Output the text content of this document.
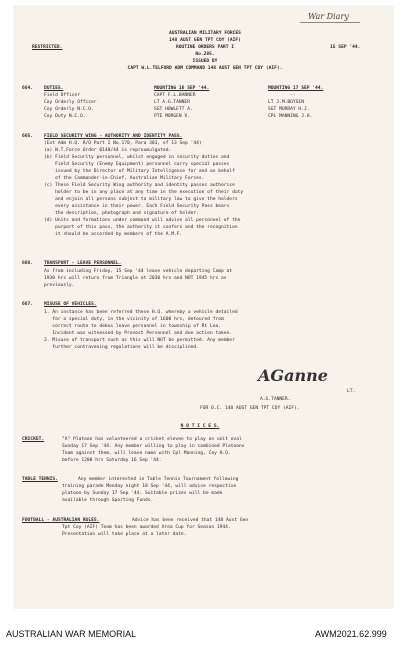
War Diary
AUSTRALIAN MILITARY FORCES
148 AUST GEN TPT COY (AIF)
ROUTINE ORDERS PART I
No.285.
ISSUED BY
CAPT W.L.TELFORD ADM COMMAND 148 AUST GEN TPT COY (AIF).
RESTRICTED.	15 SEP '44.
664. DUTIES.	MOUNTING 16 SEP '44.	MOUNTING 17 SEP '44.
Field Officer	CAPT F.L.BANNER	--
Coy Orderly Officer	LT A.G.TANNER	LT J.M.BOYSEN
Coy Orderly N.C.O.	SGT HOWLETT A.	SGT MURRAY H.J.
Coy Duty N.C.O.	PTE MORGEN V.	CPL MANNING J.H.
665. FIELD SECURITY WING - AUTHORITY AND IDENTITY PASS.
(Ext Adm H.Q. R/O Part I No.170, Para 383, of 13 Sep '44)
(a) N.T.Force Order 0140/44 is reproumulgated.
(b) Field Security personnel, whilst engaged in security duties and
Field Security (Enemy Equipment) personnel carry special passes
issued by the Director of Military Intelligence for and on behalf
of the Commander-in-Chief, Australian Military Forces.
(c) These Field Security Wing authority and identity passes authorise
holder to be in any place at any time in the execution of their duty
and enjoin all persons subject to military law to give the holders
every assistance in their power. Each Field Security Pass bears
the description, photograph and signature of holder.
(d) Units and formations under command will advise all personnel of the
purport of this pass, the authority it confers and the recognition
it should be accorded by members of the A.M.F.
666. TRANSPORT - LEAVE PERSONNEL.
As from including Friday, 15 Sep '44 leave vehicle departing Camp at
1930 hrs will return from Triangle at 2030 hrs and NOT 1945 hrs as
previously.
667. MISUSE OF VEHICLES.
1. An instance has been referred these H.Q. whereby a vehicle detailed
for a special duty, in the vicinity of 1600 hrs, detoured from
correct route to debus leave personnel in township of Rt Lea.
Incident was witnessed by Provost Personnel and due action taken.
2. Misuse of transport such as this will NOT be permitted. Any member
further contravening regulations will be disciplined.
AGanne
LT.
A.G.TANNER.
FOR O.C. 148 AUST GEN TPT COY (AIF).
N O T I C E S.
CRICKET.	"A" Platoon has volunteered a cricket eleven to play on unit oval
Sunday 17 Sep '44. Any member willing to play in combined Platoons
Team against them, will leave name with Cpl Manning, Coy H.Q.
before 1200 hrs Saturday 16 Sep '44.
TABLE TENNIS.	Any member interested in Table Tennis Tournament following
training parade Monday night 18 Sep '44, will advise respective
platoon by Sunday 17 Sep '44. Suitable prizes will be made
available through Sporting Funds.
FOOTBALL - AUSTRALIAN RULES.	Advice has been received that 148 Aust Gen
Tpt Coy (AIF) Team has been awarded Area Cup for Season 1944.
Presentation will take place at a later date.
AUSTRALIAN WAR MEMORIAL	AWM2021.62.999
